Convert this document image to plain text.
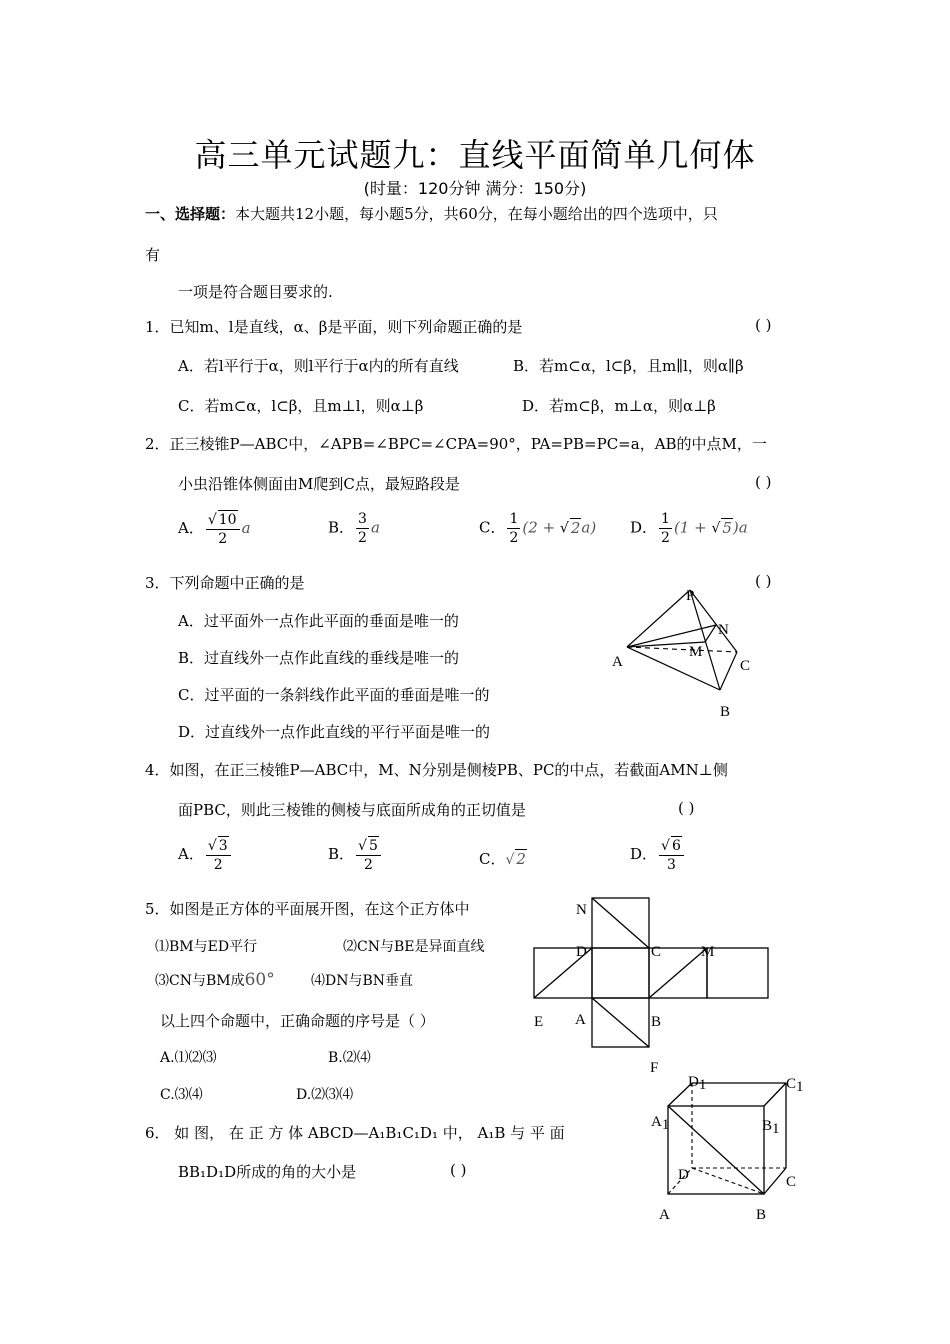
高三单元试题九：直线平面简单几何体
(时量：120分钟 满分：150分)
一、选择题：本大题共12小题，每小题5分，共60分，在每小题给出的四个选项中，只
有
一项是符合题目要求的.
1．已知m、l是直线，α、β是平面，则下列命题正确的是	( )
A．若l平行于α，则l平行于α内的所有直线	B．若m⊂α，l⊂β，且m∥l，则α∥β
C．若m⊂α，l⊂β，且m⊥l，则α⊥β	D．若m⊂β，m⊥α，则α⊥β
2．正三棱锥P—ABC中，∠APB=∠BPC=∠CPA=90°，PA=PB=PC=a，AB的中点M，一
小虫沿锥体侧面由M爬到C点，最短路段是	( )
A． $\frac{√ 10}{2}$ a	B． $\frac{3}{2}$ a	C． $\frac{1}{2} (2$ + √ 2a) D． $\frac{1}{2} (1$ + √ 5)a
3．下列命题中正确的是	( )
A．过平面外一点作此平面的垂面是唯一的
B．过直线外一点作此直线的垂线是唯一的
C．过平面的一条斜线作此平面的垂面是唯一的
D．过直线外一点作此直线的平行平面是唯一的
P
N
M
A	C
B
4．如图，在正三棱锥P—ABC中，M、N分别是侧棱PB、PC的中点，若截面AMN⊥侧
面PBC，则此三棱锥的侧棱与底面所成角的正切值是	( )
A． $\frac{√ 3}{2}$	B． $\frac{√ 5}{2}$	C．√ 2	D． $\frac{√ 6}{3}$
5．如图是正方体的平面展开图，在这个正方体中
⑴BM与ED平行	⑵CN与BE是异面直线
⑶CN与BM成60°	⑷DN与BN垂直
以上四个命题中，正确命题的序号是（ ）
A.⑴⑵⑶	B.⑵⑷
C.⑶⑷	D.⑵⑶⑷
N
D	C	M
E A	B
F
6． 如 图， 在 正 方 体 ABCD—A₁B₁C₁D₁ 中， A₁B 与 平 面
BB₁D₁D所成的角的大小是	( )
D1	C1
A1	B1
D	C
A	B
